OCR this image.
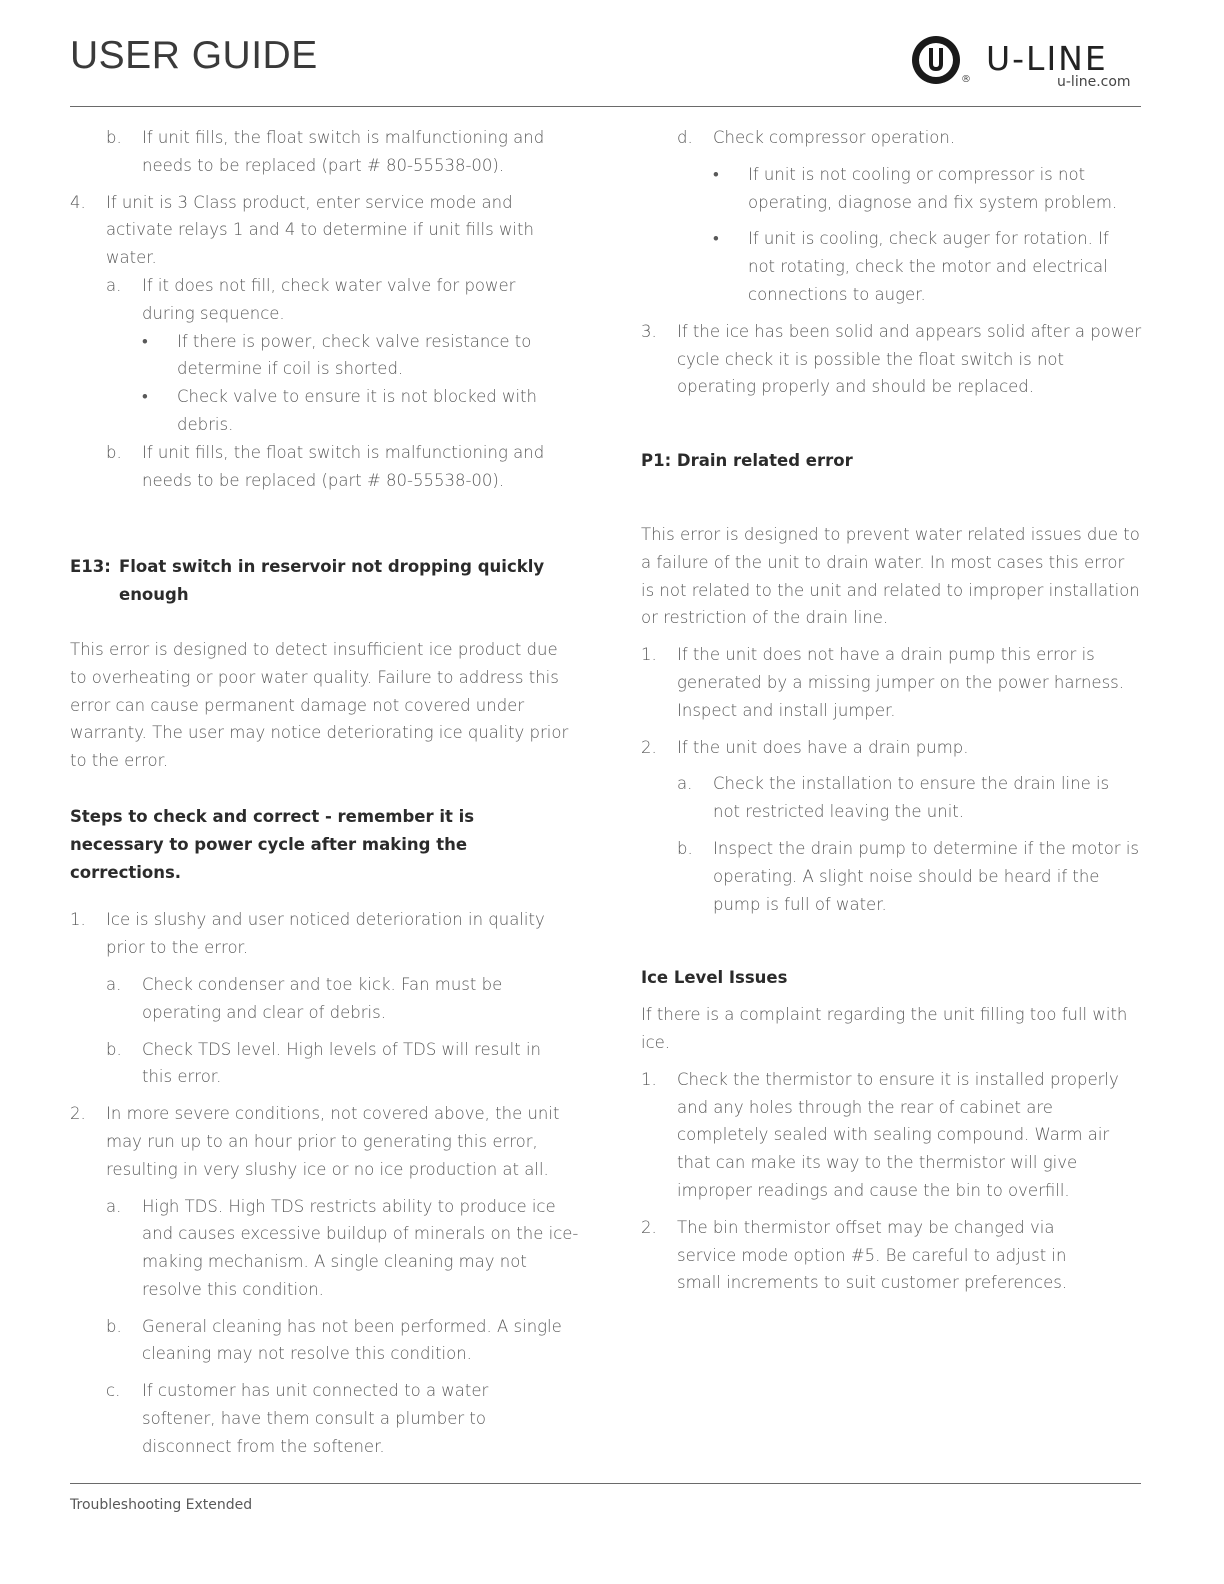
USER GUIDE
®
U-LINE
u-line.com
b. If unit fills, the float switch is malfunctioning and needs to be replaced (part # 80-55538-00).
4. If unit is 3 Class product, enter service mode and activate relays 1 and 4 to determine if unit fills with water.
a. If it does not fill, check water valve for power during sequence.
• If there is power, check valve resistance to determine if coil is shorted.
• Check valve to ensure it is not blocked with debris.
b. If unit fills, the float switch is malfunctioning and needs to be replaced (part # 80-55538-00).
E13: Float switch in reservoir not dropping quickly enough
This error is designed to detect insufficient ice product due to overheating or poor water quality. Failure to address this error can cause permanent damage not covered under warranty. The user may notice deteriorating ice quality prior to the error.
Steps to check and correct - remember it is necessary to power cycle after making the corrections.
1. Ice is slushy and user noticed deterioration in quality prior to the error.
a. Check condenser and toe kick. Fan must be operating and clear of debris.
b. Check TDS level. High levels of TDS will result in this error.
2. In more severe conditions, not covered above, the unit may run up to an hour prior to generating this error, resulting in very slushy ice or no ice production at all.
a. High TDS. High TDS restricts ability to produce ice and causes excessive buildup of minerals on the ice-making mechanism. A single cleaning may not resolve this condition.
b. General cleaning has not been performed. A single cleaning may not resolve this condition.
c. If customer has unit connected to a water softener, have them consult a plumber to disconnect from the softener.
d. Check compressor operation.
• If unit is not cooling or compressor is not operating, diagnose and fix system problem.
• If unit is cooling, check auger for rotation. If not rotating, check the motor and electrical connections to auger.
3. If the ice has been solid and appears solid after a power cycle check it is possible the float switch is not operating properly and should be replaced.
P1: Drain related error
This error is designed to prevent water related issues due to a failure of the unit to drain water. In most cases this error is not related to the unit and related to improper installation or restriction of the drain line.
1. If the unit does not have a drain pump this error is generated by a missing jumper on the power harness. Inspect and install jumper.
2. If the unit does have a drain pump.
a. Check the installation to ensure the drain line is not restricted leaving the unit.
b. Inspect the drain pump to determine if the motor is operating. A slight noise should be heard if the pump is full of water.
Ice Level Issues
If there is a complaint regarding the unit filling too full with ice.
1. Check the thermistor to ensure it is installed properly and any holes through the rear of cabinet are completely sealed with sealing compound. Warm air that can make its way to the thermistor will give improper readings and cause the bin to overfill.
2. The bin thermistor offset may be changed via service mode option #5. Be careful to adjust in small increments to suit customer preferences.
Troubleshooting Extended
